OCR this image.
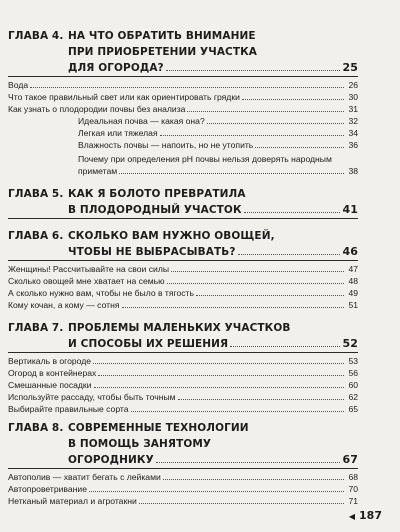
ГЛАВА 4. НА ЧТО ОБРАТИТЬ ВНИМАНИЕ
ПРИ ПРИОБРЕТЕНИИ УЧАСТКА
ДЛЯ ОГОРОДА?	25
Вода	26
Что такое правильный свет или как ориентировать грядки	30
Как узнать о плодородии почвы без анализа	31
Идеальная почва — какая она?	32
Легкая или тяжелая	34
Влажность почвы — напоить, но не утопить	36
Почему при определения pH почвы нельзя доверять народным
приметам	38
ГЛАВА 5. КАК Я БОЛОТО ПРЕВРАТИЛА
В ПЛОДОРОДНЫЙ УЧАСТОК	41
ГЛАВА 6. СКОЛЬКО ВАМ НУЖНО ОВОЩЕЙ,
ЧТОБЫ НЕ ВЫБРАСЫВАТЬ?	46
Женщины! Рассчитывайте на свои силы	47
Сколько овощей мне хватает на семью	48
А сколько нужно вам, чтобы не было в тягость	49
Кому кочан, а кому — сотня	51
ГЛАВА 7. ПРОБЛЕМЫ МАЛЕНЬКИХ УЧАСТКОВ
И СПОСОБЫ ИХ РЕШЕНИЯ	52
Вертикаль в огороде	53
Огород в контейнерах	56
Смешанные посадки	60
Используйте рассаду, чтобы быть точным	62
Выбирайте правильные сорта	65
ГЛАВА 8. СОВРЕМЕННЫЕ ТЕХНОЛОГИИ
В ПОМОЩЬ ЗАНЯТОМУ
ОГОРОДНИКУ	67
Автополив — хватит бегать с лейками	68
Автопроветривание	70
Нетканый материал и агротакни	71
◀ 187
